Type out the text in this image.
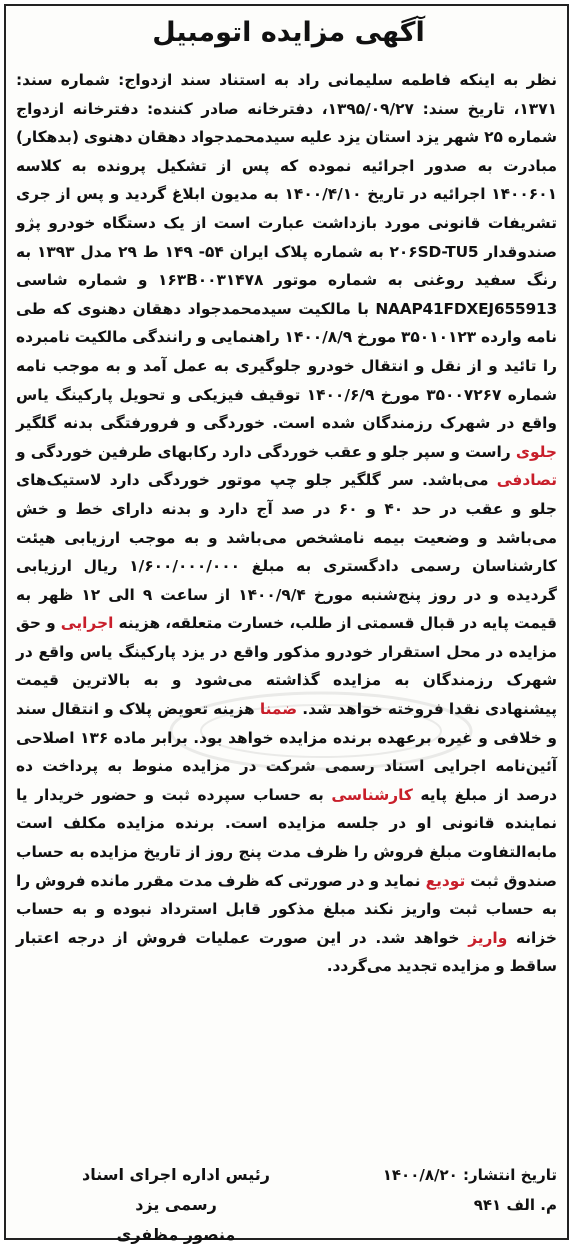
آگهی مزایده اتومبیل
نظر به اینکه فاطمه سلیمانی راد به استناد سند ازدواج: شماره سند: ۱۳۷۱، تاریخ سند: ۱۳۹۵/۰۹/۲۷، دفترخانه صادر کننده: دفترخانه ازدواج شماره ۲۵ شهر یزد استان یزد علیه سیدمحمدجواد دهقان دهنوی (بدهکار) مبادرت به صدور اجرائیه نموده که پس از تشکیل پرونده به کلاسه ۱۴۰۰۶۰۱ اجرائیه در تاریخ ۱۴۰۰/۴/۱۰ به مدیون ابلاغ گردید و پس از جری تشریفات قانونی مورد بازداشت عبارت است از یک دستگاه خودرو پژو صندوقدار ۲۰۶SD-TU5 به شماره پلاک ایران ۵۴- ۱۴۹ ط ۲۹ مدل ۱۳۹۳ به رنگ سفید روغنی به شماره موتور ۱۶۳B۰۰۳۱۴۷۸ و شماره شاسی NAAP41FDXEJ655913 با مالکیت سیدمحمدجواد دهقان دهنوی که طی نامه وارده ۳۵۰۱۰۱۲۳ مورخ ۱۴۰۰/۸/۹ راهنمایی و رانندگی مالکیت نامبرده را تائید و از نقل و انتقال خودرو جلوگیری به عمل آمد و به موجب نامه شماره ۳۵۰۰۷۲۶۷ مورخ ۱۴۰۰/۶/۹ توقیف فیزیکی و تحویل پارکینگ یاس واقع در شهرک رزمندگان شده است. خوردگی و فرورفتگی بدنه گلگیر جلوی راست و سپر جلو و عقب خوردگی دارد رکابهای طرفین خوردگی و تصادفی می‌باشد. سر گلگیر جلو چپ موتور خوردگی دارد لاستیک‌های جلو و عقب در حد ۴۰ و ۶۰ در صد آج دارد و بدنه دارای خط و خش می‌باشد و وضعیت بیمه نامشخص می‌باشد و به موجب ارزیابی هیئت کارشناسان رسمی دادگستری به مبلغ ۱/۶۰۰/۰۰۰/۰۰۰ ریال ارزیابی گردیده و در روز پنج‌شنبه مورخ ۱۴۰۰/۹/۴ از ساعت ۹ الی ۱۲ ظهر به قیمت پایه در قبال قسمتی از طلب، خسارت متعلقه، هزینه اجرایی و حق مزایده در محل استقرار خودرو مذکور واقع در یزد پارکینگ یاس واقع در شهرک رزمندگان به مزایده گذاشته می‌شود و به بالاترین قیمت پیشنهادی نقدا فروخته خواهد شد. ضمنا هزینه تعویض پلاک و انتقال سند و خلافی و غیره برعهده برنده مزایده خواهد بود. برابر ماده ۱۳۶ اصلاحی آئین‌نامه اجرایی اسناد رسمی شرکت در مزایده منوط به پرداخت ده درصد از مبلغ پایه کارشناسی به حساب سپرده ثبت و حضور خریدار یا نماینده قانونی او در جلسه مزایده است. برنده مزایده مکلف است مابه‌التفاوت مبلغ فروش را ظرف مدت پنج روز از تاریخ مزایده به حساب صندوق ثبت تودیع نماید و در صورتی که ظرف مدت مقرر مانده فروش را به حساب ثبت واریز نکند مبلغ مذکور قابل استرداد نبوده و به حساب خزانه واریز خواهد شد. در این صورت عملیات فروش از درجه اعتبار ساقط و مزایده تجدید می‌گردد.
تاریخ انتشار: ۱۴۰۰/۸/۲۰
م. الف ۹۴۱
رئیس اداره اجرای اسناد رسمی یزد
منصور مظفری
